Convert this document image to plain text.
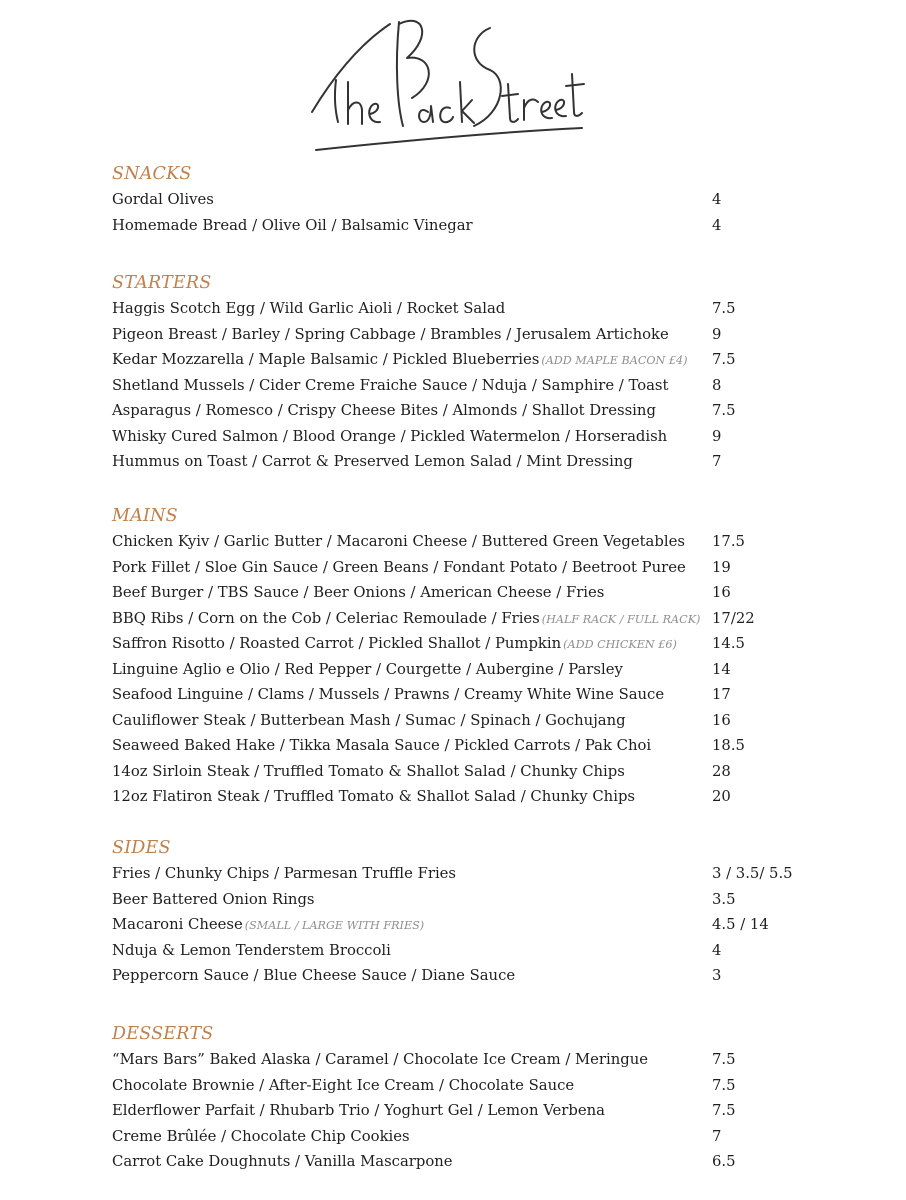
SNACKS
Gordal Olives	4
Homemade Bread / Olive Oil / Balsamic Vinegar	4
STARTERS
Haggis Scotch Egg / Wild Garlic Aioli / Rocket Salad	7.5
Pigeon Breast / Barley / Spring Cabbage / Brambles / Jerusalem Artichoke	9
Kedar Mozzarella / Maple Balsamic / Pickled Blueberries (ADD MAPLE BACON £4) 7.5
Shetland Mussels / Cider Creme Fraiche Sauce / Nduja / Samphire / Toast	8
Asparagus / Romesco / Crispy Cheese Bites / Almonds / Shallot Dressing	7.5
Whisky Cured Salmon / Blood Orange / Pickled Watermelon / Horseradish	9
Hummus on Toast / Carrot & Preserved Lemon Salad / Mint Dressing	7
MAINS
Chicken Kyiv / Garlic Butter / Macaroni Cheese / Buttered Green Vegetables 17.5
Pork Fillet / Sloe Gin Sauce / Green Beans / Fondant Potato / Beetroot Puree 19
Beef Burger / TBS Sauce / Beer Onions / American Cheese / Fries	16
BBQ Ribs / Corn on the Cob / Celeriac Remoulade / Fries (HALF RACK / FULL RACK) 17/22
Saffron Risotto / Roasted Carrot / Pickled Shallot / Pumpkin (ADD CHICKEN £6) 14.5
Linguine Aglio e Olio / Red Pepper / Courgette / Aubergine / Parsley	14
Seafood Linguine / Clams / Mussels / Prawns / Creamy White Wine Sauce	17
Cauliflower Steak / Butterbean Mash / Sumac / Spinach / Gochujang	16
Seaweed Baked Hake / Tikka Masala Sauce / Pickled Carrots / Pak Choi	18.5
14oz Sirloin Steak / Truffled Tomato & Shallot Salad / Chunky Chips	28
12oz Flatiron Steak / Truffled Tomato & Shallot Salad / Chunky Chips	20
SIDES
Fries / Chunky Chips / Parmesan Truffle Fries	3 / 3.5/ 5.5
Beer Battered Onion Rings	3.5
Macaroni Cheese (SMALL / LARGE WITH FRIES)	4.5 / 14
Nduja & Lemon Tenderstem Broccoli	4
Peppercorn Sauce / Blue Cheese Sauce / Diane Sauce	3
DESSERTS
“Mars Bars” Baked Alaska / Caramel / Chocolate Ice Cream / Meringue	7.5
Chocolate Brownie / After-Eight Ice Cream / Chocolate Sauce	7.5
Elderflower Parfait / Rhubarb Trio / Yoghurt Gel / Lemon Verbena	7.5
Creme Brûlée / Chocolate Chip Cookies	7
Carrot Cake Doughnuts / Vanilla Mascarpone	6.5
